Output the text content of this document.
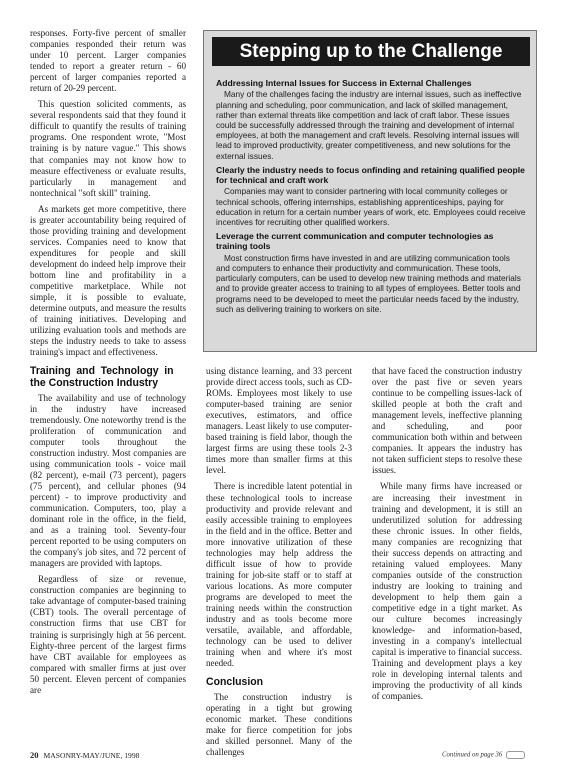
responses. Forty-five percent of smaller companies responded their return was under 10 percent. Larger companies tended to report a greater return - 60 percent of larger companies reported a return of 20-29 percent.

This question solicited comments, as several respondents said that they found it difficult to quantify the results of training programs. One respondent wrote, "Most training is by nature vague." This shows that companies may not know how to measure effectiveness or evaluate results, particularly in management and nontechnical "soft skill" training.

As markets get more competitive, there is greater accountability being required of those providing training and development services. Companies need to know that expenditures for people and skill development do indeed help improve their bottom line and profitability in a competitive marketplace. While not simple, it is possible to evaluate, determine outputs, and measure the results of training initiatives. Developing and utilizing evaluation tools and methods are steps the industry needs to take to assess training's impact and effectiveness.

Training and Technology in the Construction Industry

The availability and use of technology in the industry have increased tremendously. One noteworthy trend is the proliferation of communication and computer tools throughout the construction industry. Most companies are using communication tools - voice mail (82 percent), e-mail (73 percent), pagers (75 percent), and cellular phones (94 percent) - to improve productivity and communication. Computers, too, play a dominant role in the office, in the field, and as a training tool. Seventy-four percent reported to be using computers on the company's job sites, and 72 percent of managers are provided with laptops.

Regardless of size or revenue, construction companies are beginning to take advantage of computer-based training (CBT) tools. The overall percentage of construction firms that use CBT for training is surprisingly high at 56 percent. Eighty-three percent of the largest firms have CBT available for employees as compared with smaller firms at just over 50 percent. Eleven percent of companies are

Stepping up to the Challenge
Addressing Internal Issues for Success in External Challenges

Many of the challenges facing the industry are internal issues, such as ineffective planning and scheduling, poor communication, and lack of skilled management, rather than external threats like competition and lack of craft labor. These issues could be successfully addressed through the training and development of internal employees, at both the management and craft levels. Resolving internal issues will lead to improved productivity, greater competitiveness, and new solutions for the external issues.

Clearly the industry needs to focus onfinding and retaining qualified people for technical and craft work

Companies may want to consider partnering with local community colleges or technical schools, offering internships, establishing apprenticeships, paying for education in return for a certain number years of work, etc. Employees could receive incentives for recruiting other qualified workers.

Leverage the current communication and computer technologies as training tools

Most construction firms have invested in and are utilizing communication tools and computers to enhance their productivity and communication. These tools, particularly computers, can be used to develop new training methods and materials and to provide greater access to training to all types of employees. Better tools and programs need to be developed to meet the particular needs faced by the industry, such as delivering training to workers on site.

using distance learning, and 33 percent provide direct access tools, such as CD-ROMs. Employees most likely to use computer-based training are senior executives, estimators, and office managers. Least likely to use computer-based training is field labor, though the largest firms are using these tools 2-3 times more than smaller firms at this level.

There is incredible latent potential in these technological tools to increase productivity and provide relevant and easily accessible training to employees in the field and in the office. Better and more innovative utilization of these technologies may help address the difficult issue of how to provide training for job-site staff or to staff at various locations. As more computer programs are developed to meet the training needs within the construction industry and as tools become more versatile, available, and affordable, technology can be used to deliver training when and where it's most needed.

Conclusion

The construction industry is operating in a tight but growing economic market. These conditions make for fierce competition for jobs and skilled personnel. Many of the challenges

that have faced the construction industry over the past five or seven years continue to be compelling issues-lack of skilled people at both the craft and management levels, ineffective planning and scheduling, and poor communication both within and between companies. It appears the industry has not taken sufficient steps to resolve these issues.

While many firms have increased or are increasing their investment in training and development, it is still an underutilized solution for addressing these chronic issues. In other fields, many companies are recognizing that their success depends on attracting and retaining valued employees. Many companies outside of the construction industry are looking to training and development to help them gain a competitive edge in a tight market. As our culture becomes increasingly knowledge- and information-based, investing in a company's intellectual capital is imperative to financial success. Training and development plays a key role in developing internal talents and improving the productivity of all kinds of companies.

20 MASONRY-MAY/JUNE, 1998	Continued on page 36
